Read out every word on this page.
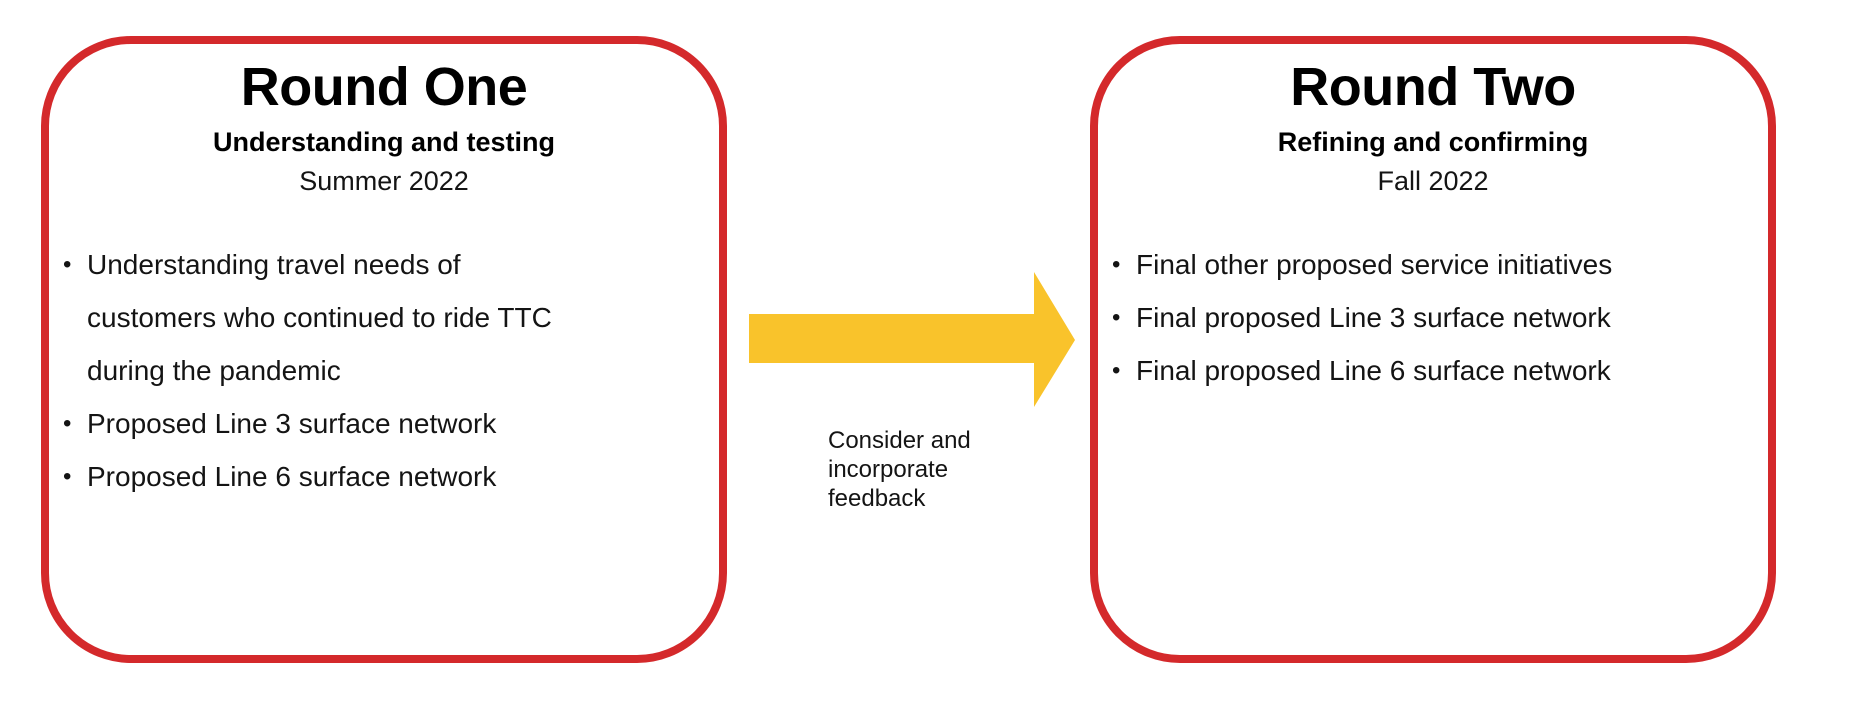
Round One
Understanding and testing
Summer 2022
• Understanding travel needs of
customers who continued to ride TTC
during the pandemic
• Proposed Line 3 surface network
• Proposed Line 6 surface network
Consider and
incorporate
feedback
Round Two
Refining and confirming
Fall 2022
• Final other proposed service initiatives
• Final proposed Line 3 surface network
• Final proposed Line 6 surface network
